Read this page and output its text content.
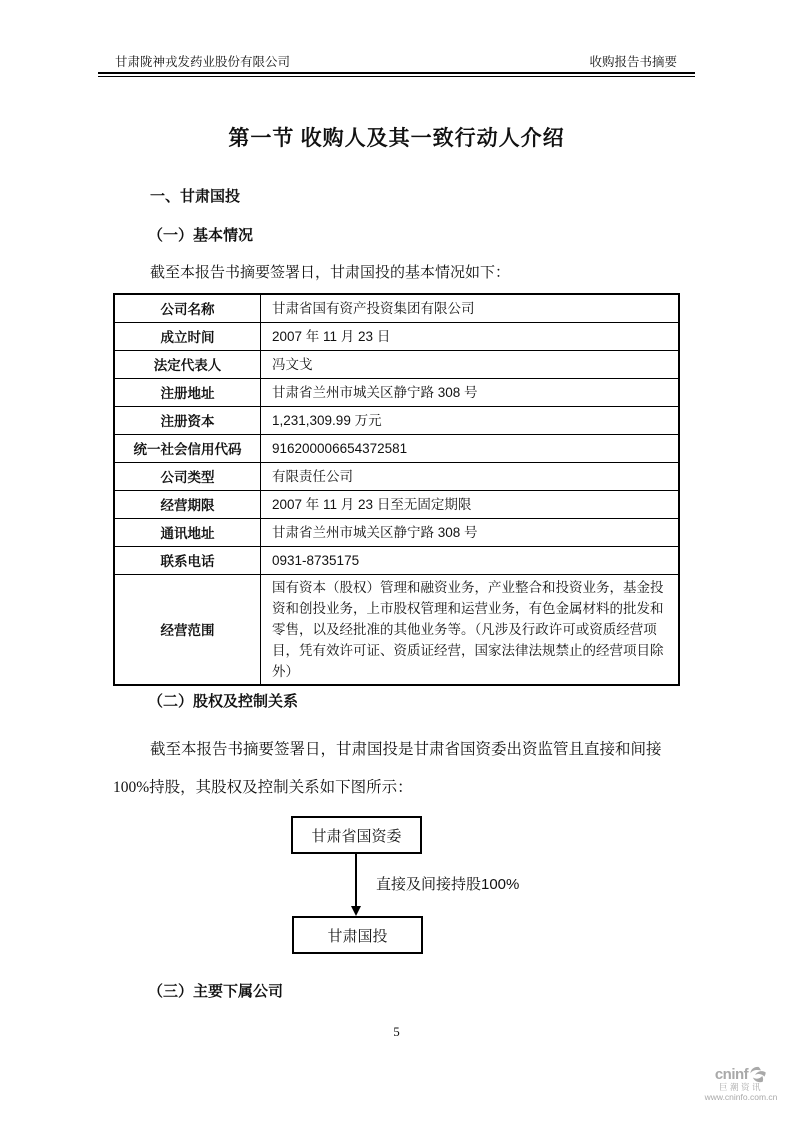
甘肃陇神戎发药业股份有限公司	收购报告书摘要
第一节 收购人及其一致行动人介绍
一、甘肃国投
（一）基本情况
截至本报告书摘要签署日，甘肃国投的基本情况如下：
公司名称	甘肃省国有资产投资集团有限公司
成立时间	2007 年 11 月 23 日
法定代表人	冯文戈
注册地址	甘肃省兰州市城关区静宁路 308 号
注册资本	1,231,309.99 万元
统一社会信用代码	916200006654372581
公司类型	有限责任公司
经营期限	2007 年 11 月 23 日至无固定期限
通讯地址	甘肃省兰州市城关区静宁路 308 号
联系电话	0931-8735175
经营范围	国有资本（股权）管理和融资业务，产业整合和投资业务，基金投资和创投业务，上市股权管理和运营业务，有色金属材料的批发和零售，以及经批准的其他业务等。（凡涉及行政许可或资质经营项目，凭有效许可证、资质证经营，国家法律法规禁止的经营项目除外）
（二）股权及控制关系
截至本报告书摘要签署日，甘肃国投是甘肃省国资委出资监管且直接和间接
100%持股，其股权及控制关系如下图所示：
甘肃省国资委
直接及间接持股100%
甘肃国投
（三）主要下属公司
5
cninf
巨潮资讯
www.cninfo.com.cn
